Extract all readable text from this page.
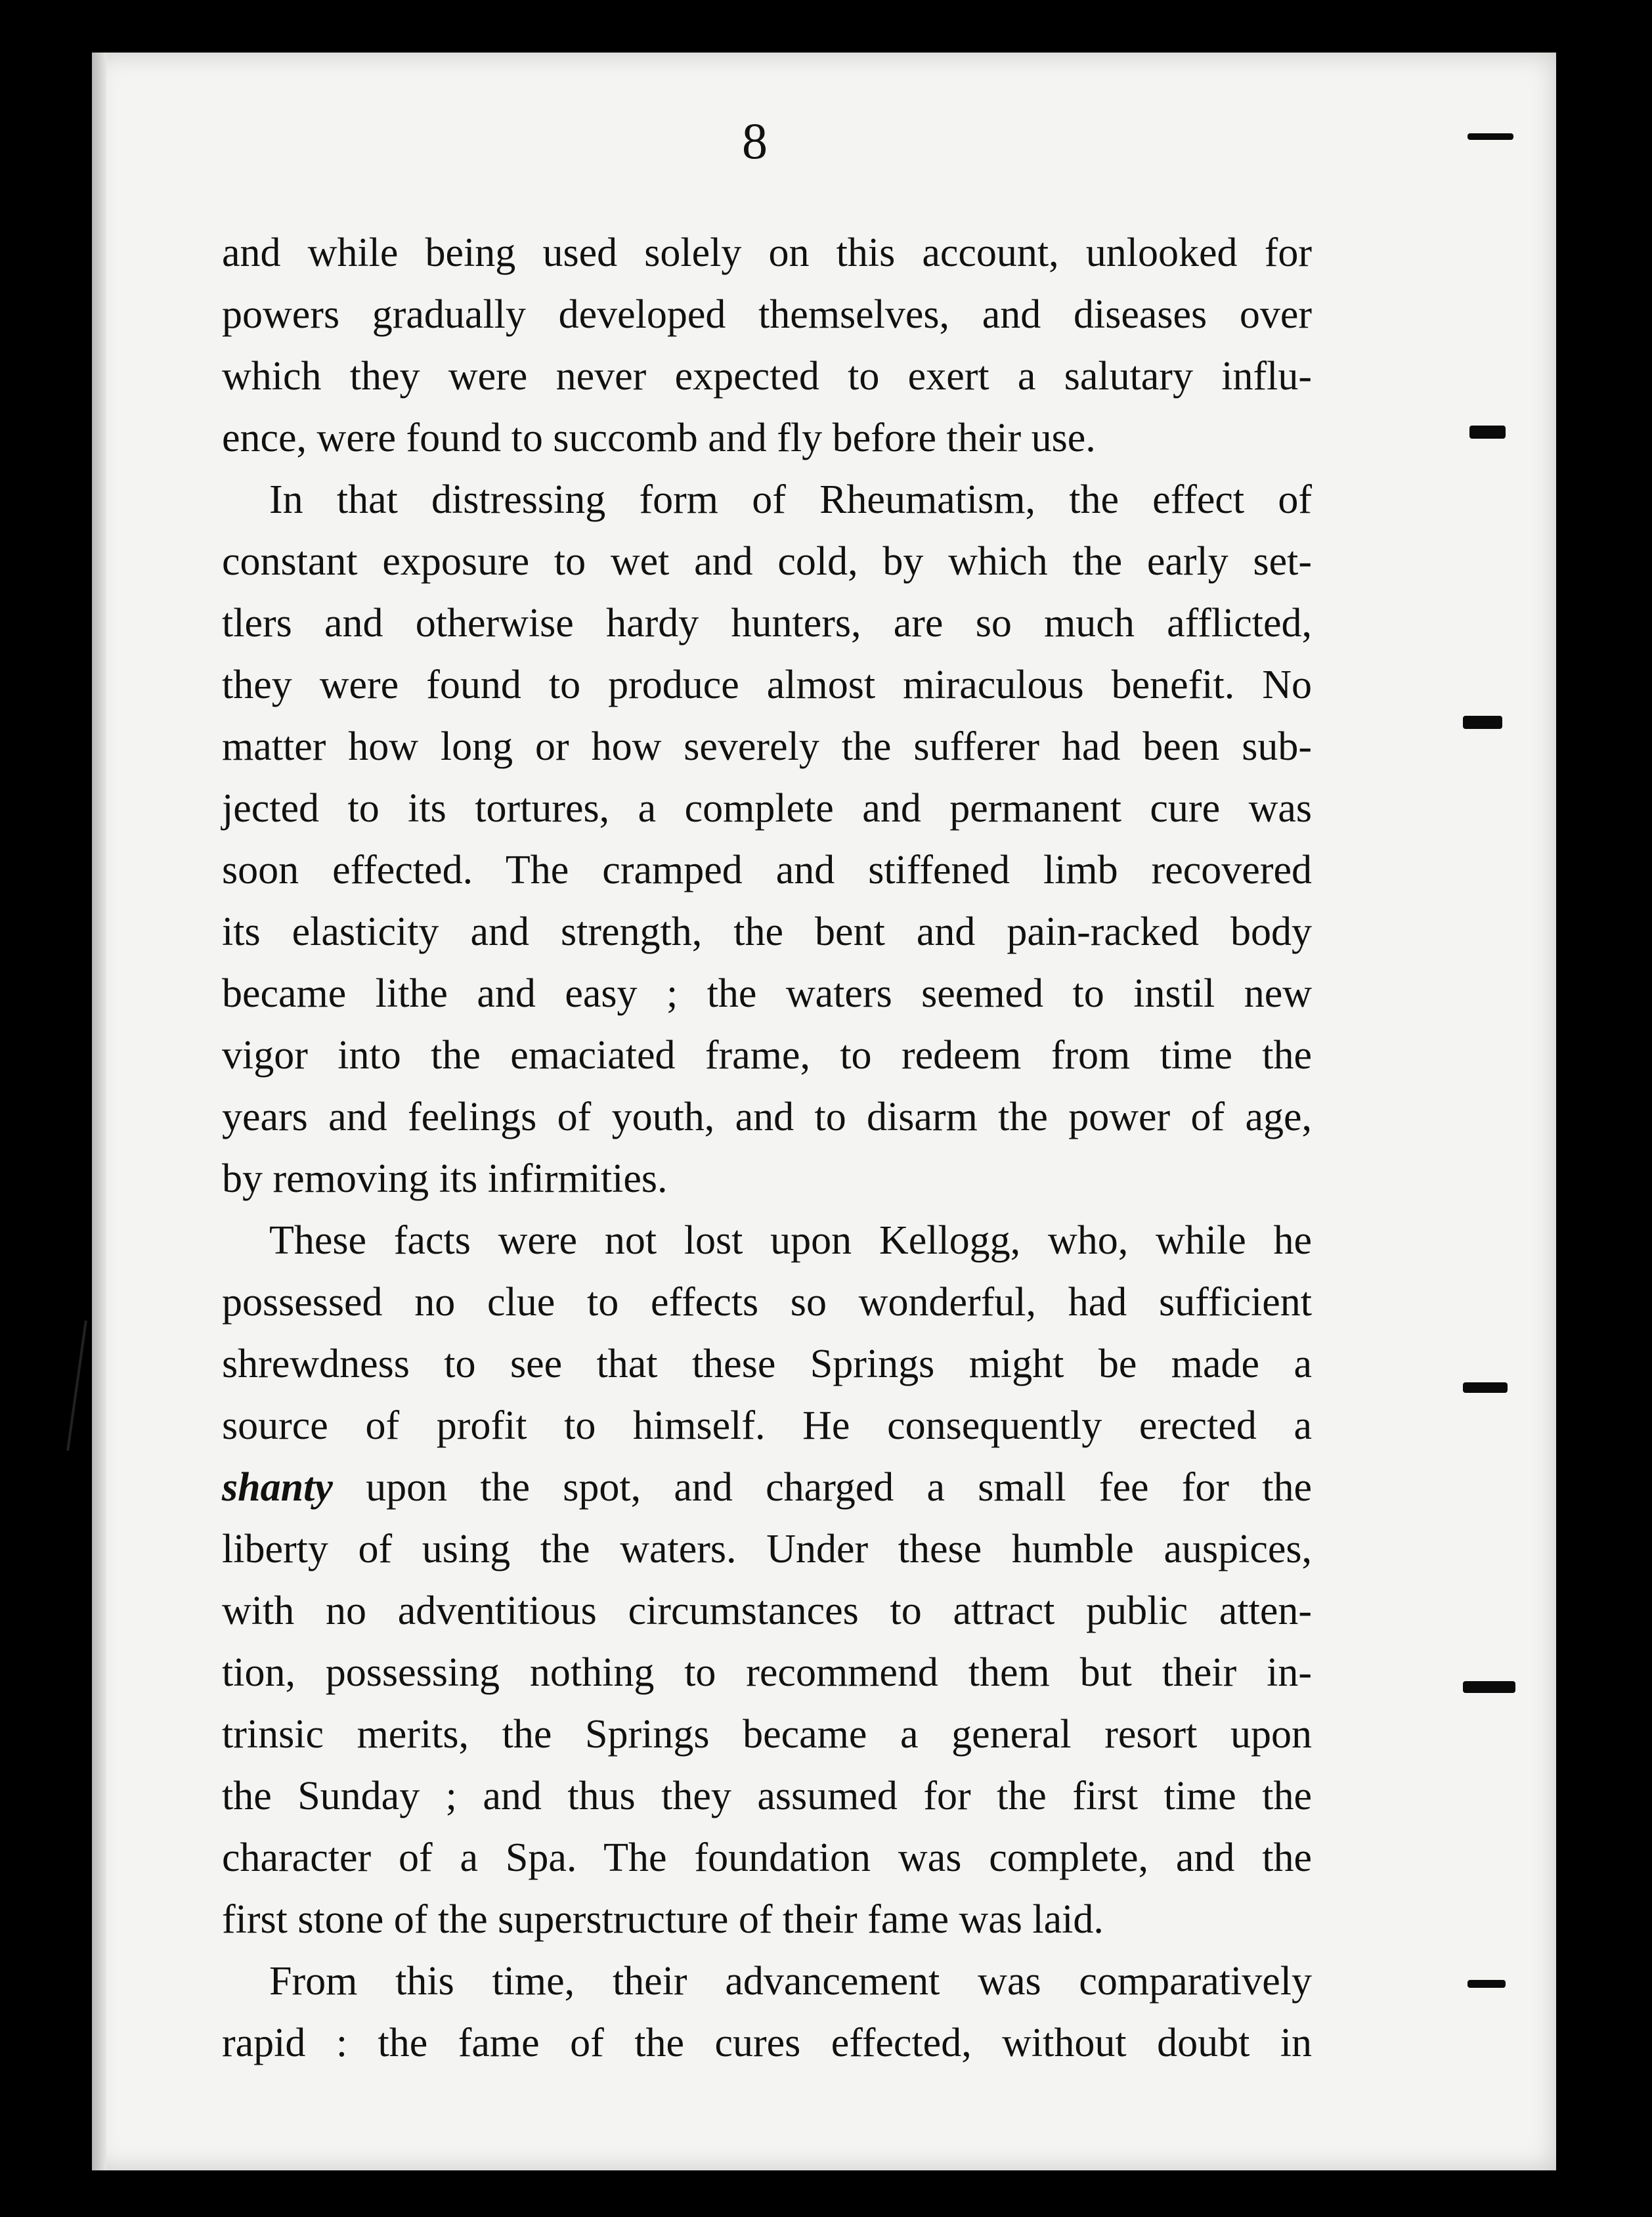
8
and while being used solely on this account, unlooked for
powers gradually developed themselves, and diseases over
which they were never expected to exert a salutary influ-
ence, were found to succomb and fly before their use.
In that distressing form of Rheumatism, the effect of
constant exposure to wet and cold, by which the early set-
tlers and otherwise hardy hunters, are so much afflicted,
they were found to produce almost miraculous benefit. No
matter how long or how severely the sufferer had been sub-
jected to its tortures, a complete and permanent cure was
soon effected. The cramped and stiffened limb recovered
its elasticity and strength, the bent and pain-racked body
became lithe and easy ; the waters seemed to instil new
vigor into the emaciated frame, to redeem from time the
years and feelings of youth, and to disarm the power of age,
by removing its infirmities.
These facts were not lost upon Kellogg, who, while he
possessed no clue to effects so wonderful, had sufficient
shrewdness to see that these Springs might be made a
source of profit to himself. He consequently erected a
shanty upon the spot, and charged a small fee for the
liberty of using the waters. Under these humble auspices,
with no adventitious circumstances to attract public atten-
tion, possessing nothing to recommend them but their in-
trinsic merits, the Springs became a general resort upon
the Sunday ; and thus they assumed for the first time the
character of a Spa. The foundation was complete, and the
first stone of the superstructure of their fame was laid.
From this time, their advancement was comparatively
rapid : the fame of the cures effected, without doubt in
